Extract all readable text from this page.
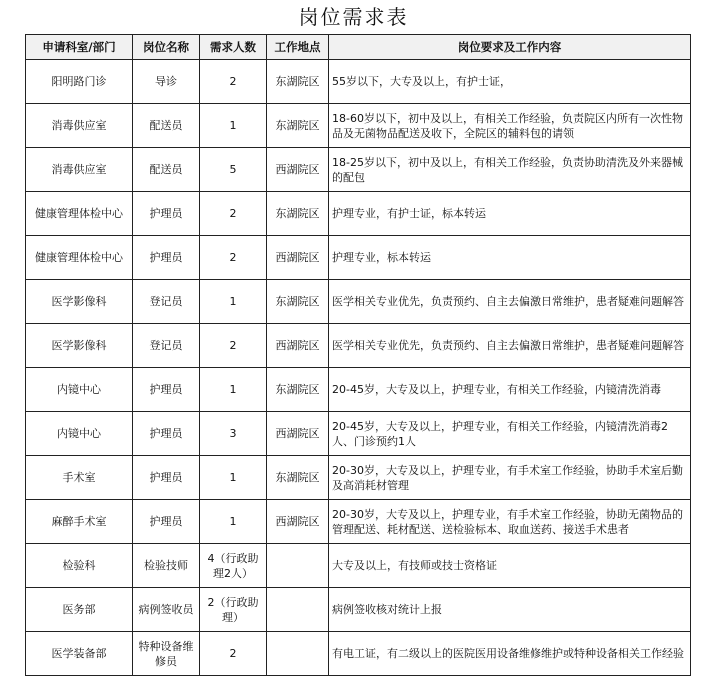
岗位需求表
申请科室/部门	岗位名称	需求人数	工作地点	岗位要求及工作内容
阳明路门诊	导诊	2	东湖院区	55岁以下，大专及以上，有护士证，
消毒供应室	配送员	1	东湖院区	18-60岁以下，初中及以上，有相关工作经验，负责院区内所有一次性物品及无菌物品配送及收下，全院区的辅料包的请领
消毒供应室	配送员	5	西湖院区	18-25岁以下，初中及以上，有相关工作经验，负责协助清洗及外来器械的配包
健康管理体检中心	护理员	2	东湖院区	护理专业，有护士证，标本转运
健康管理体检中心	护理员	2	西湖院区	护理专业，标本转运
医学影像科	登记员	1	东湖院区	医学相关专业优先，负责预约、自主去偏激日常维护，患者疑难问题解答
医学影像科	登记员	2	西湖院区	医学相关专业优先，负责预约、自主去偏激日常维护，患者疑难问题解答
内镜中心	护理员	1	东湖院区	20-45岁，大专及以上，护理专业，有相关工作经验，内镜清洗消毒
内镜中心	护理员	3	西湖院区	20-45岁，大专及以上，护理专业，有相关工作经验，内镜清洗消毒2人、门诊预约1人
手术室	护理员	1	东湖院区	20-30岁，大专及以上，护理专业，有手术室工作经验，协助手术室后勤及高消耗材管理
麻醉手术室	护理员	1	西湖院区	20-30岁，大专及以上，护理专业，有手术室工作经验，协助无菌物品的管理配送、耗材配送、送检验标本、取血送药、接送手术患者
检验科	检验技师	4（行政助理2人）		大专及以上，有技师或技士资格证
医务部	病例签收员	2（行政助理）		病例签收核对统计上报
医学装备部	特种设备维修员	2		有电工证，有二级以上的医院医用设备维修维护或特种设备相关工作经验
